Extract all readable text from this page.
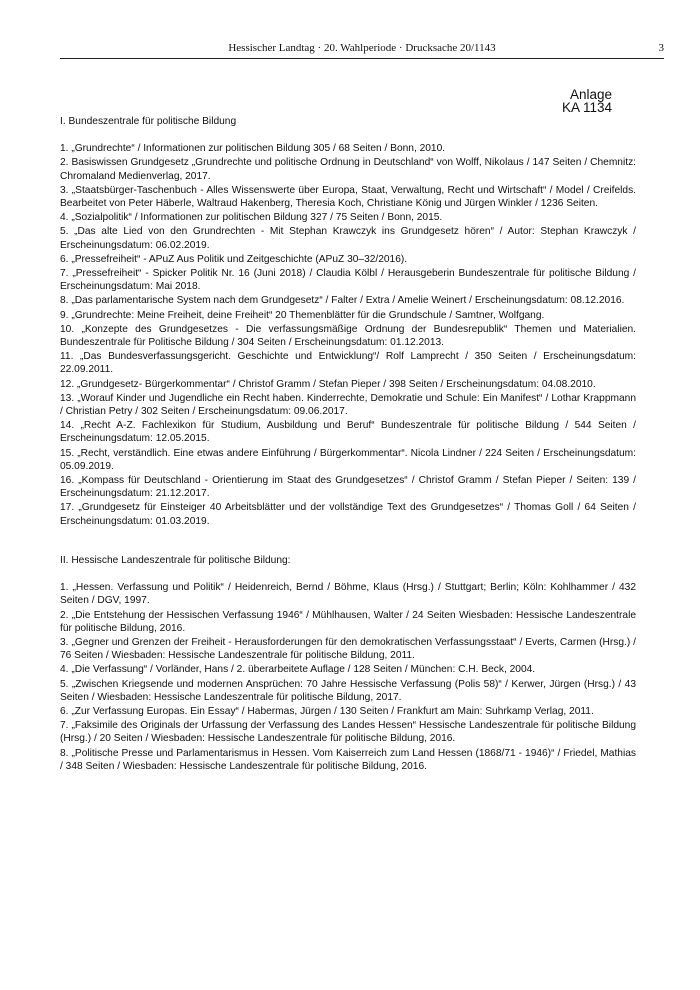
Hessischer Landtag · 20. Wahlperiode · Drucksache 20/1143	3
Anlage
KA 1134
I. Bundeszentrale für politische Bildung
1. „Grundrechte“ / Informationen zur politischen Bildung 305 / 68 Seiten / Bonn, 2010.
2. Basiswissen Grundgesetz „Grundrechte und politische Ordnung in Deutschland“ von Wolff, Nikolaus / 147 Seiten / Chemnitz: Chromaland Medienverlag, 2017.
3. „Staatsbürger-Taschenbuch - Alles Wissenswerte über Europa, Staat, Verwaltung, Recht und Wirtschaft“ / Model / Creifelds. Bearbeitet von Peter Häberle, Waltraud Hakenberg, Theresia Koch, Christiane König und Jürgen Winkler / 1236 Seiten.
4. „Sozialpolitik“ / Informationen zur politischen Bildung 327 / 75 Seiten / Bonn, 2015.
5. „Das alte Lied von den Grundrechten - Mit Stephan Krawczyk ins Grundgesetz hören“ / Autor: Stephan Krawczyk / Erscheinungsdatum: 06.02.2019.
6. „Pressefreiheit“ - APuZ Aus Politik und Zeitgeschichte (APuZ 30–32/2016).
7. „Pressefreiheit“ - Spicker Politik Nr. 16 (Juni 2018) / Claudia Kölbl / Herausgeberin Bundeszentrale für politische Bildung / Erscheinungsdatum: Mai 2018.
8. „Das parlamentarische System nach dem Grundgesetz“ / Falter / Extra / Amelie Weinert / Erscheinungsdatum: 08.12.2016.
9. „Grundrechte: Meine Freiheit, deine Freiheit“ 20 Themenblätter für die Grundschule / Samtner, Wolfgang.
10. „Konzepte des Grundgesetzes - Die verfassungsmäßige Ordnung der Bundesrepublik“ Themen und Materialien. Bundeszentrale für Politische Bildung / 304 Seiten / Erscheinungsdatum: 01.12.2013.
11. „Das Bundesverfassungsgericht. Geschichte und Entwicklung“/ Rolf Lamprecht / 350 Seiten / Erscheinungsdatum: 22.09.2011.
12. „Grundgesetz- Bürgerkommentar“ / Christof Gramm / Stefan Pieper / 398 Seiten / Erscheinungsdatum: 04.08.2010.
13. „Worauf Kinder und Jugendliche ein Recht haben. Kinderrechte, Demokratie und Schule: Ein Manifest“ / Lothar Krappmann / Christian Petry / 302 Seiten / Erscheinungsdatum: 09.06.2017.
14. „Recht A-Z. Fachlexikon für Studium, Ausbildung und Beruf“ Bundeszentrale für politische Bildung / 544 Seiten / Erscheinungsdatum: 12.05.2015.
15. „Recht, verständlich. Eine etwas andere Einführung / Bürgerkommentar“. Nicola Lindner / 224 Seiten / Erscheinungsdatum: 05.09.2019.
16. „Kompass für Deutschland - Orientierung im Staat des Grundgesetzes“ / Christof Gramm / Stefan Pieper / Seiten: 139 / Erscheinungsdatum: 21.12.2017.
17. „Grundgesetz für Einsteiger 40 Arbeitsblätter und der vollständige Text des Grundgesetzes“ / Thomas Goll / 64 Seiten / Erscheinungsdatum: 01.03.2019.
II. Hessische Landeszentrale für politische Bildung:
1. „Hessen. Verfassung und Politik“ / Heidenreich, Bernd / Böhme, Klaus (Hrsg.) / Stuttgart; Berlin; Köln: Kohlhammer / 432 Seiten / DGV, 1997.
2. „Die Entstehung der Hessischen Verfassung 1946“ / Mühlhausen, Walter / 24 Seiten Wiesbaden: Hessische Landeszentrale für politische Bildung, 2016.
3. „Gegner und Grenzen der Freiheit - Herausforderungen für den demokratischen Verfassungsstaat“ / Everts, Carmen (Hrsg.) / 76 Seiten / Wiesbaden: Hessische Landeszentrale für politische Bildung, 2011.
4. „Die Verfassung“ / Vorländer, Hans / 2. überarbeitete Auflage / 128 Seiten / München: C.H. Beck, 2004.
5. „Zwischen Kriegsende und modernen Ansprüchen: 70 Jahre Hessische Verfassung (Polis 58)“ / Kerwer, Jürgen (Hrsg.) / 43 Seiten / Wiesbaden: Hessische Landeszentrale für politische Bildung, 2017.
6. „Zur Verfassung Europas. Ein Essay“ / Habermas, Jürgen / 130 Seiten / Frankfurt am Main: Suhrkamp Verlag, 2011.
7. „Faksimile des Originals der Urfassung der Verfassung des Landes Hessen“ Hessische Landeszentrale für politische Bildung (Hrsg.) / 20 Seiten / Wiesbaden: Hessische Landeszentrale für politische Bildung, 2016.
8. „Politische Presse und Parlamentarismus in Hessen. Vom Kaiserreich zum Land Hessen (1868/71 - 1946)“ / Friedel, Mathias / 348 Seiten / Wiesbaden: Hessische Landeszentrale für politische Bildung, 2016.
